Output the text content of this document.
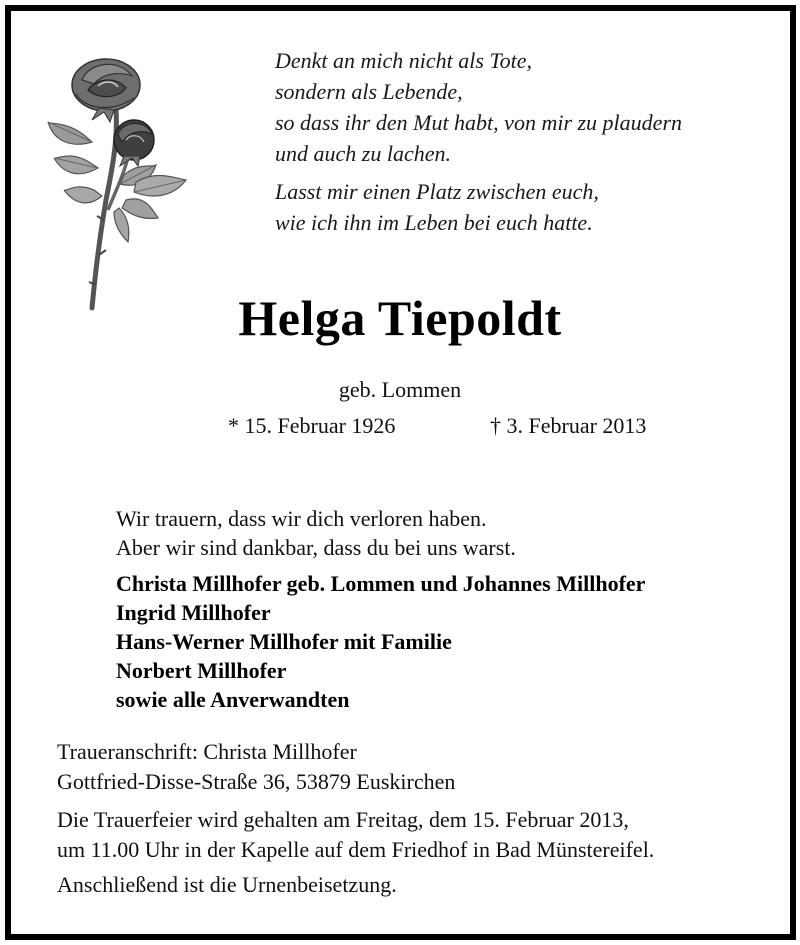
Denkt an mich nicht als Tote,
sondern als Lebende,
so dass ihr den Mut habt, von mir zu plaudern
und auch zu lachen.
Lasst mir einen Platz zwischen euch,
wie ich ihn im Leben bei euch hatte.
Helga Tiepoldt
geb. Lommen
* 15. Februar 1926	† 3. Februar 2013
Wir trauern, dass wir dich verloren haben.
Aber wir sind dankbar, dass du bei uns warst.
Christa Millhofer geb. Lommen und Johannes Millhofer
Ingrid Millhofer
Hans-Werner Millhofer mit Familie
Norbert Millhofer
sowie alle Anverwandten
Traueranschrift: Christa Millhofer
Gottfried-Disse-Straße 36, 53879 Euskirchen
Die Trauerfeier wird gehalten am Freitag, dem 15. Februar 2013,
um 11.00 Uhr in der Kapelle auf dem Friedhof in Bad Münstereifel.
Anschließend ist die Urnenbeisetzung.
